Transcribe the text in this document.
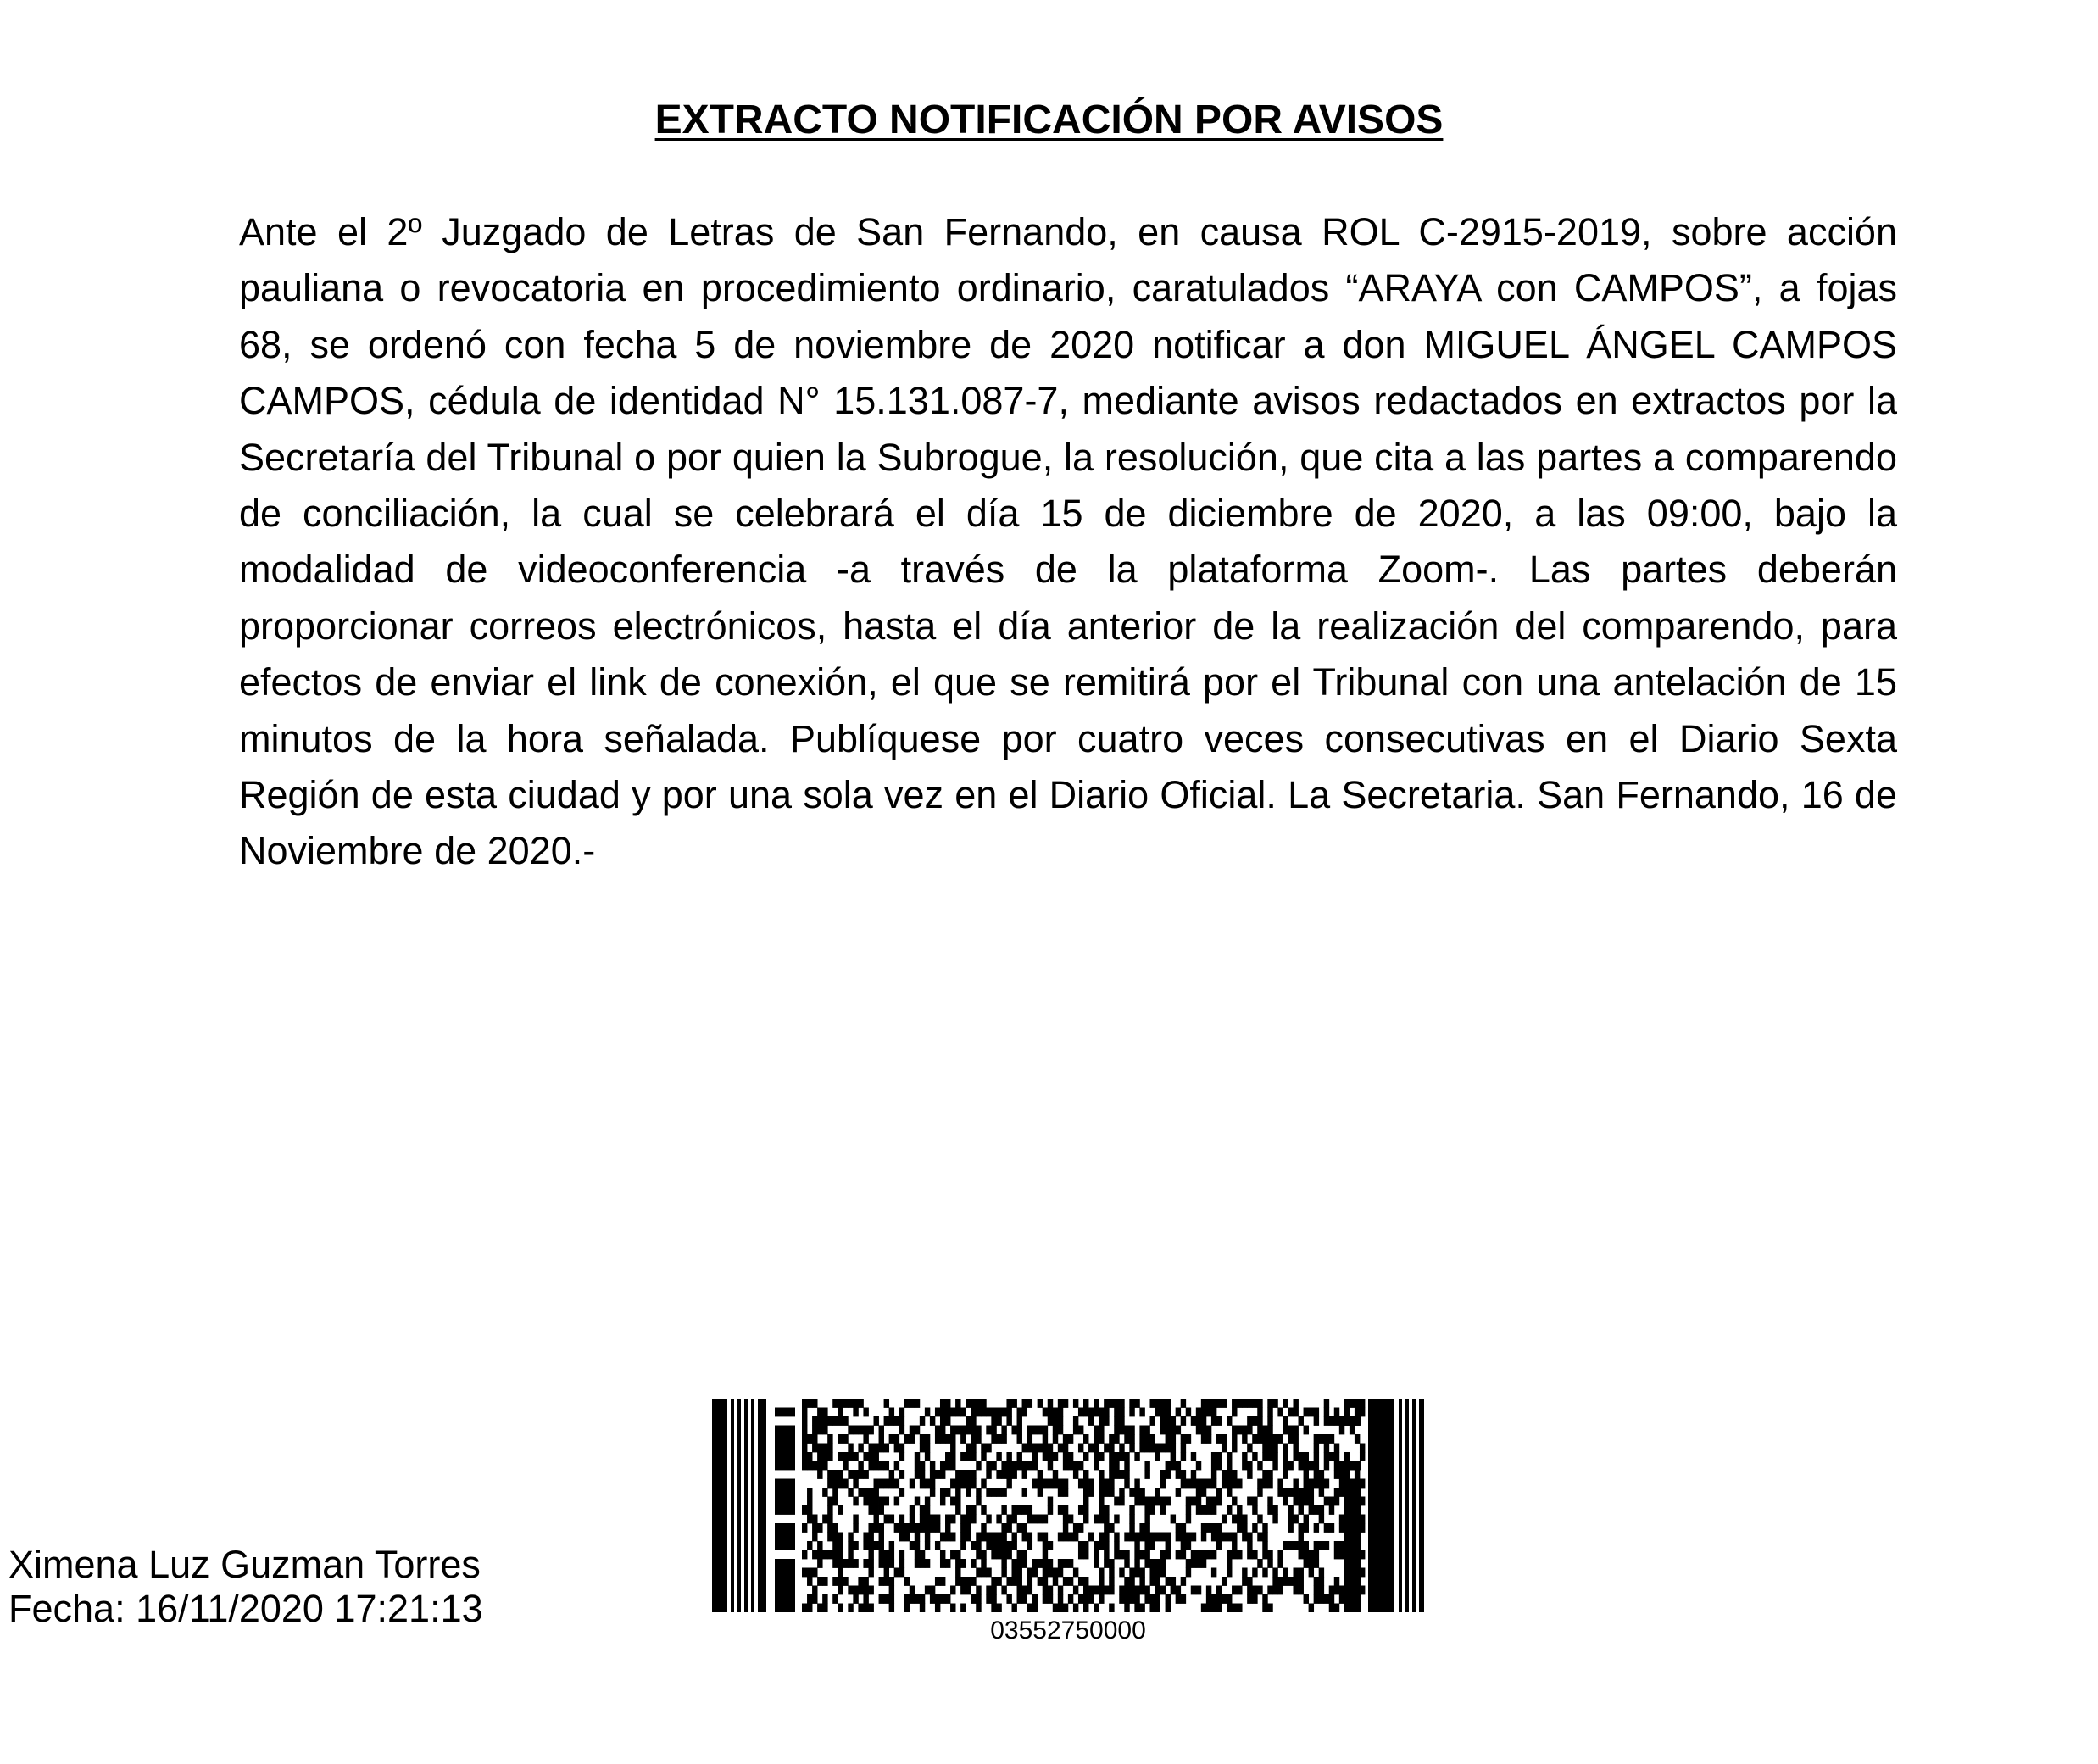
EXTRACTO NOTIFICACIÓN POR AVISOS

Ante el 2º Juzgado de Letras de San Fernando, en causa ROL C-2915-2019, sobre acción pauliana o revocatoria en procedimiento ordinario, caratulados “ARAYA con CAMPOS”, a fojas 68, se ordenó con fecha 5 de noviembre de 2020 notificar a don MIGUEL ÁNGEL CAMPOS CAMPOS, cédula de identidad N° 15.131.087-7, mediante avisos redactados en extractos por la Secretaría del Tribunal o por quien la Subrogue, la resolución, que cita a las partes a comparendo de conciliación, la cual se celebrará el día 15 de diciembre de 2020, a las 09:00, bajo la modalidad de videoconferencia -a través de la plataforma Zoom-. Las partes deberán proporcionar correos electrónicos, hasta el día anterior de la realización del comparendo, para efectos de enviar el link de conexión, el que se remitirá por el Tribunal con una antelación de 15 minutos de la hora señalada. Publíquese por cuatro veces consecutivas en el Diario Sexta Región de esta ciudad y por una sola vez en el Diario Oficial. La Secretaria. San Fernando, 16 de Noviembre de 2020.-

Ximena Luz Guzman Torres
Fecha: 16/11/2020 17:21:13
03552750000
